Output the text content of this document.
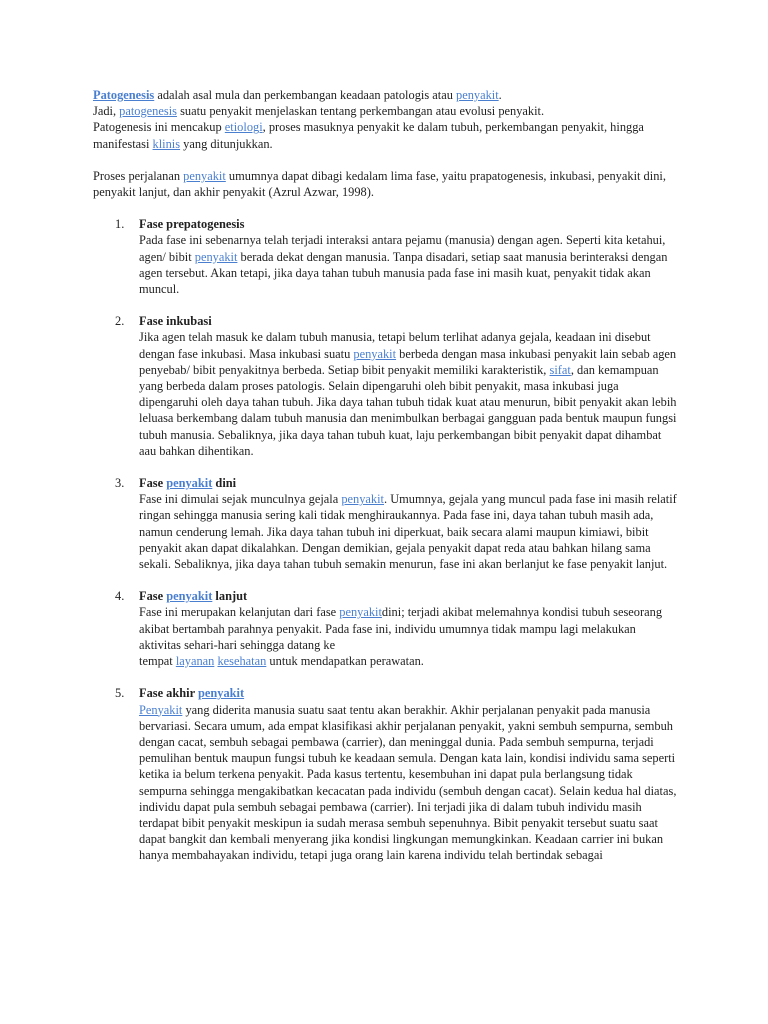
Patogenesis adalah asal mula dan perkembangan keadaan patologis atau penyakit.
Jadi, patogenesis suatu penyakit menjelaskan tentang perkembangan atau evolusi penyakit.
Patogenesis ini mencakup etiologi, proses masuknya penyakit ke dalam tubuh, perkembangan penyakit, hingga manifestasi klinis yang ditunjukkan.

Proses perjalanan penyakit umumnya dapat dibagi kedalam lima fase, yaitu prapatogenesis, inkubasi, penyakit dini, penyakit lanjut, dan akhir penyakit (Azrul Azwar, 1998).

1. Fase prepatogenesis

Pada fase ini sebenarnya telah terjadi interaksi antara pejamu (manusia) dengan agen. Seperti kita ketahui, agen/ bibit penyakit berada dekat dengan manusia. Tanpa disadari, setiap saat manusia berinteraksi dengan agen tersebut. Akan tetapi, jika daya tahan tubuh manusia pada fase ini masih kuat, penyakit tidak akan muncul.

2. Fase inkubasi

Jika agen telah masuk ke dalam tubuh manusia, tetapi belum terlihat adanya gejala, keadaan ini disebut dengan fase inkubasi. Masa inkubasi suatu penyakit berbeda dengan masa inkubasi penyakit lain sebab agen penyebab/ bibit penyakitnya berbeda. Setiap bibit penyakit memiliki karakteristik, sifat, dan kemampuan yang berbeda dalam proses patologis. Selain dipengaruhi oleh bibit penyakit, masa inkubasi juga dipengaruhi oleh daya tahan tubuh. Jika daya tahan tubuh tidak kuat atau menurun, bibit penyakit akan lebih leluasa berkembang dalam tubuh manusia dan menimbulkan berbagai gangguan pada bentuk maupun fungsi tubuh manusia. Sebaliknya, jika daya tahan tubuh kuat, laju perkembangan bibit penyakit dapat dihambat aau bahkan dihentikan.

3. Fase penyakit dini

Fase ini dimulai sejak munculnya gejala penyakit. Umumnya, gejala yang muncul pada fase ini masih relatif ringan sehingga manusia sering kali tidak menghiraukannya. Pada fase ini, daya tahan tubuh masih ada, namun cenderung lemah. Jika daya tahan tubuh ini diperkuat, baik secara alami maupun kimiawi, bibit penyakit akan dapat dikalahkan. Dengan demikian, gejala penyakit dapat reda atau bahkan hilang sama sekali. Sebaliknya, jika daya tahan tubuh semakin menurun, fase ini akan berlanjut ke fase penyakit lanjut.

4. Fase penyakit lanjut

Fase ini merupakan kelanjutan dari fase penyakitdini; terjadi akibat melemahnya kondisi tubuh seseorang akibat bertambah parahnya penyakit. Pada fase ini, individu umumnya tidak mampu lagi melakukan aktivitas sehari-hari sehingga datang ke
tempat layanan kesehatan untuk mendapatkan perawatan.

5. Fase akhir penyakit

Penyakit yang diderita manusia suatu saat tentu akan berakhir. Akhir perjalanan penyakit pada manusia bervariasi. Secara umum, ada empat klasifikasi akhir perjalanan penyakit, yakni sembuh sempurna, sembuh dengan cacat, sembuh sebagai pembawa (carrier), dan meninggal dunia. Pada sembuh sempurna, terjadi pemulihan bentuk maupun fungsi tubuh ke keadaan semula. Dengan kata lain, kondisi individu sama seperti ketika ia belum terkena penyakit. Pada kasus tertentu, kesembuhan ini dapat pula berlangsung tidak sempurna sehingga mengakibatkan kecacatan pada individu (sembuh dengan cacat). Selain kedua hal diatas, individu dapat pula sembuh sebagai pembawa (carrier). Ini terjadi jika di dalam tubuh individu masih terdapat bibit penyakit meskipun ia sudah merasa sembuh sepenuhnya. Bibit penyakit tersebut suatu saat dapat bangkit dan kembali menyerang jika kondisi lingkungan memungkinkan. Keadaan carrier ini bukan hanya membahayakan individu, tetapi juga orang lain karena individu telah bertindak sebagai
